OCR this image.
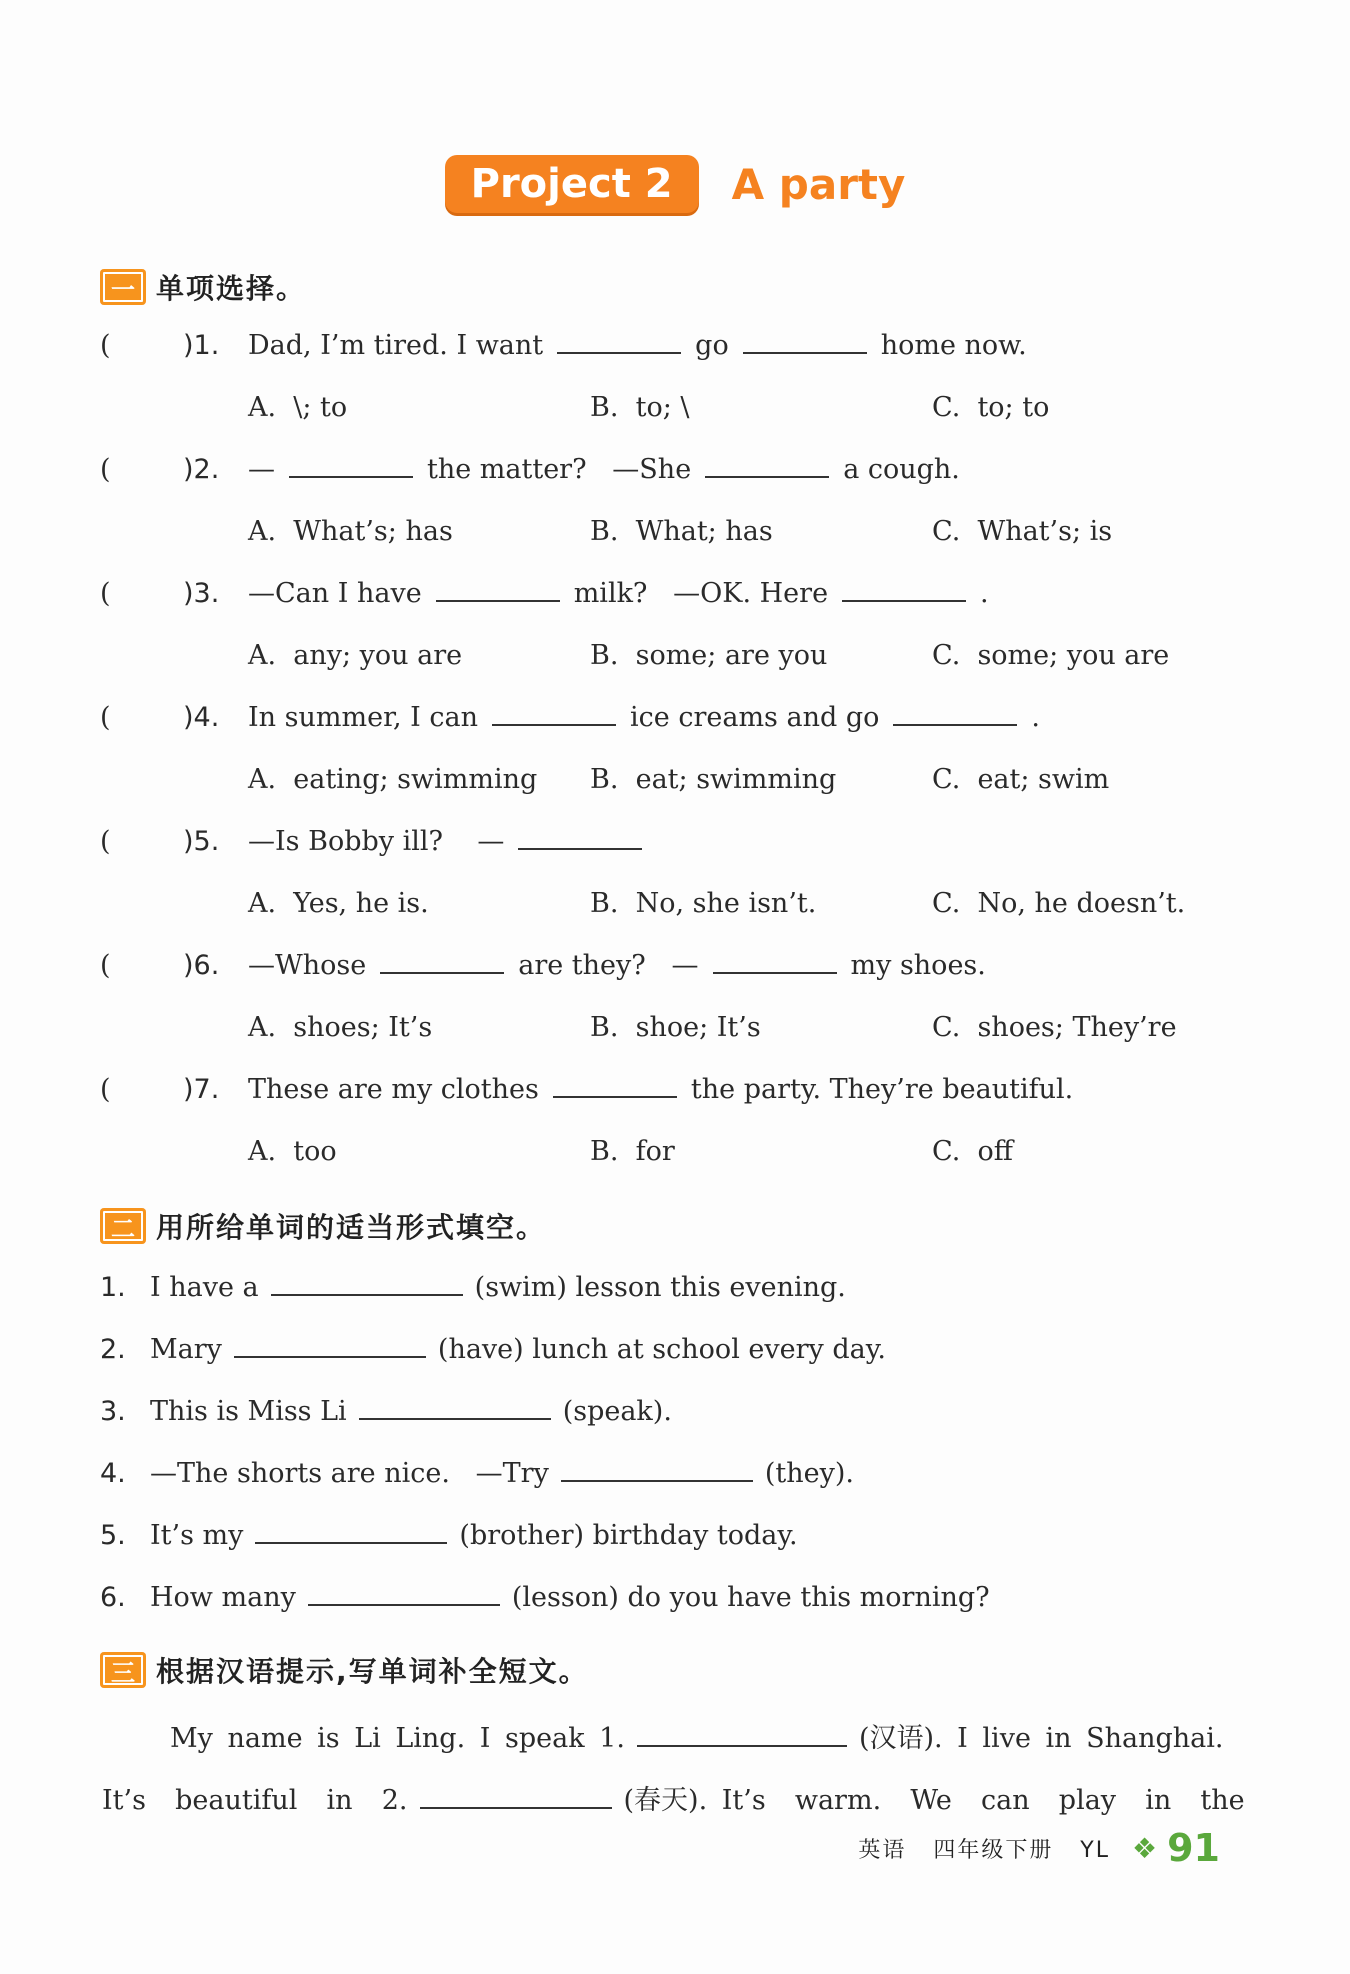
Project 2 A party
一 单项选择。
(	)1. Dad, I’m tired. I want	go	home now.
A.  \; to	B.  to; \	C.  to; to
(	)2. —	the matter?   —She	a cough.
A.  What’s; has	B.  What; has	C.  What’s; is
(	)3. —Can I have	milk?   —OK. Here	.
A.  any; you are	B.  some; are you	C.  some; you are
(	)4. In summer, I can	ice creams and go	.
A.  eating; swimming B.  eat; swimming	C.  eat; swim
(	)5. —Is Bobby ill?    —
A.  Yes, he is.	B.  No, she isn’t.	C.  No, he doesn’t.
(	)6. —Whose	are they?   —	my shoes.
A.  shoes; It’s	B.  shoe; It’s	C.  shoes; They’re
(	)7. These are my clothes	the party. They’re beautiful.
A.  too	B.  for	C.  off
二 用所给单词的适当形式填空。
1. I have a	(swim) lesson this evening.
2. Mary	(have) lunch at school every day.
3. This is Miss Li	(speak).
4. —The shorts are nice.   —Try	(they).
5. It’s my	(brother) birthday today.
6. How many	(lesson) do you have this morning?
三 根据汉语提示,写单词补全短文。
My name is Li Ling. I speak 1.	(汉语). I live in Shanghai.
It’s  beautiful  in  2.	(春天). It’s  warm.  We  can  play  in  the
英语   四年级下册   YL ❖ 91
